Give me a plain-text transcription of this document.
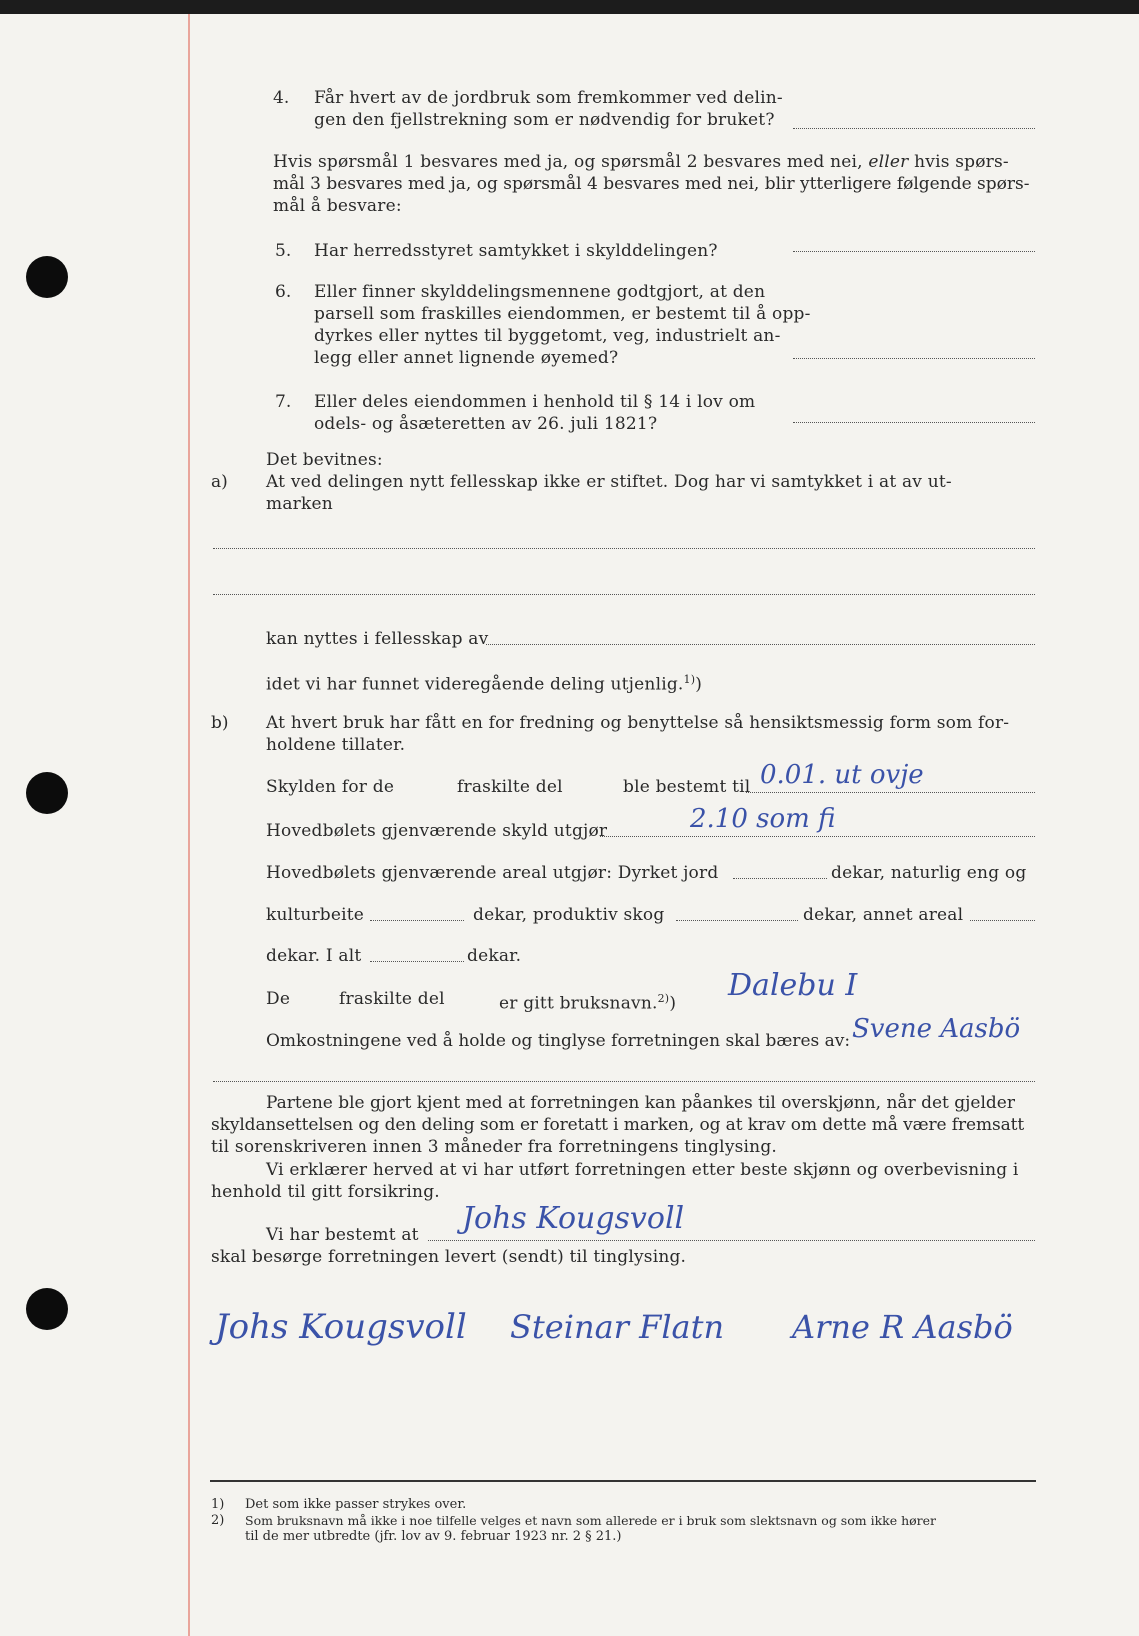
4. Får hvert av de jordbruk som fremkommer ved delin-
gen den fjellstrekning som er nødvendig for bruket?
Hvis spørsmål 1 besvares med ja, og spørsmål 2 besvares med nei, eller hvis spørs-
mål 3 besvares med ja, og spørsmål 4 besvares med nei, blir ytterligere følgende spørs-
mål å besvare:
5. Har herredsstyret samtykket i skylddelingen?
6. Eller finner skylddelingsmennene godtgjort, at den
parsell som fraskilles eiendommen, er bestemt til å opp-
dyrkes eller nyttes til byggetomt, veg, industrielt an-
legg eller annet lignende øyemed?
7. Eller deles eiendommen i henhold til § 14 i lov om
odels- og åsæteretten av 26. juli 1821?
Det bevitnes:
a) At ved delingen nytt fellesskap ikke er stiftet. Dog har vi samtykket i at av ut-
marken
kan nyttes i fellesskap av
idet vi har funnet videregående deling utjenlig.$^{1)}$)
b) At hvert bruk har fått en for fredning og benyttelse så hensiktsmessig form som for-
holdene tillater.
Skylden for de	fraskilte del	ble bestemt til 0.01. ut ovje
Hovedbølets gjenværende skyld utgjør	2.10 som fi
Hovedbølets gjenværende areal utgjør: Dyrket jord	dekar, naturlig eng og
kulturbeite	dekar, produktiv skog	dekar, annet areal
dekar. I alt	dekar.
De	fraskilte del	er gitt bruksnavn.$^{2)}$)
Dalebu I
Omkostningene ved å holde og tinglyse forretningen skal bæres av: Svene Aasbö
Partene ble gjort kjent med at forretningen kan påankes til overskjønn, når det gjelder
skyldansettelsen og den deling som er foretatt i marken, og at krav om dette må være fremsatt
til sorenskriveren innen 3 måneder fra forretningens tinglysing.
Vi erklærer herved at vi har utført forretningen etter beste skjønn og overbevisning i
henhold til gitt forsikring.
Vi har bestemt at Johs Kougsvoll
skal besørge forretningen levert (sendt) til tinglysing.
Johs Kougsvoll Steinar Flatn Arne R Aasbö
1) Det som ikke passer strykes over.
2) Som bruksnavn må ikke i noe tilfelle velges et navn som allerede er i bruk som slektsnavn og som ikke hører
til de mer utbredte (jfr. lov av 9. februar 1923 nr. 2 § 21.)
